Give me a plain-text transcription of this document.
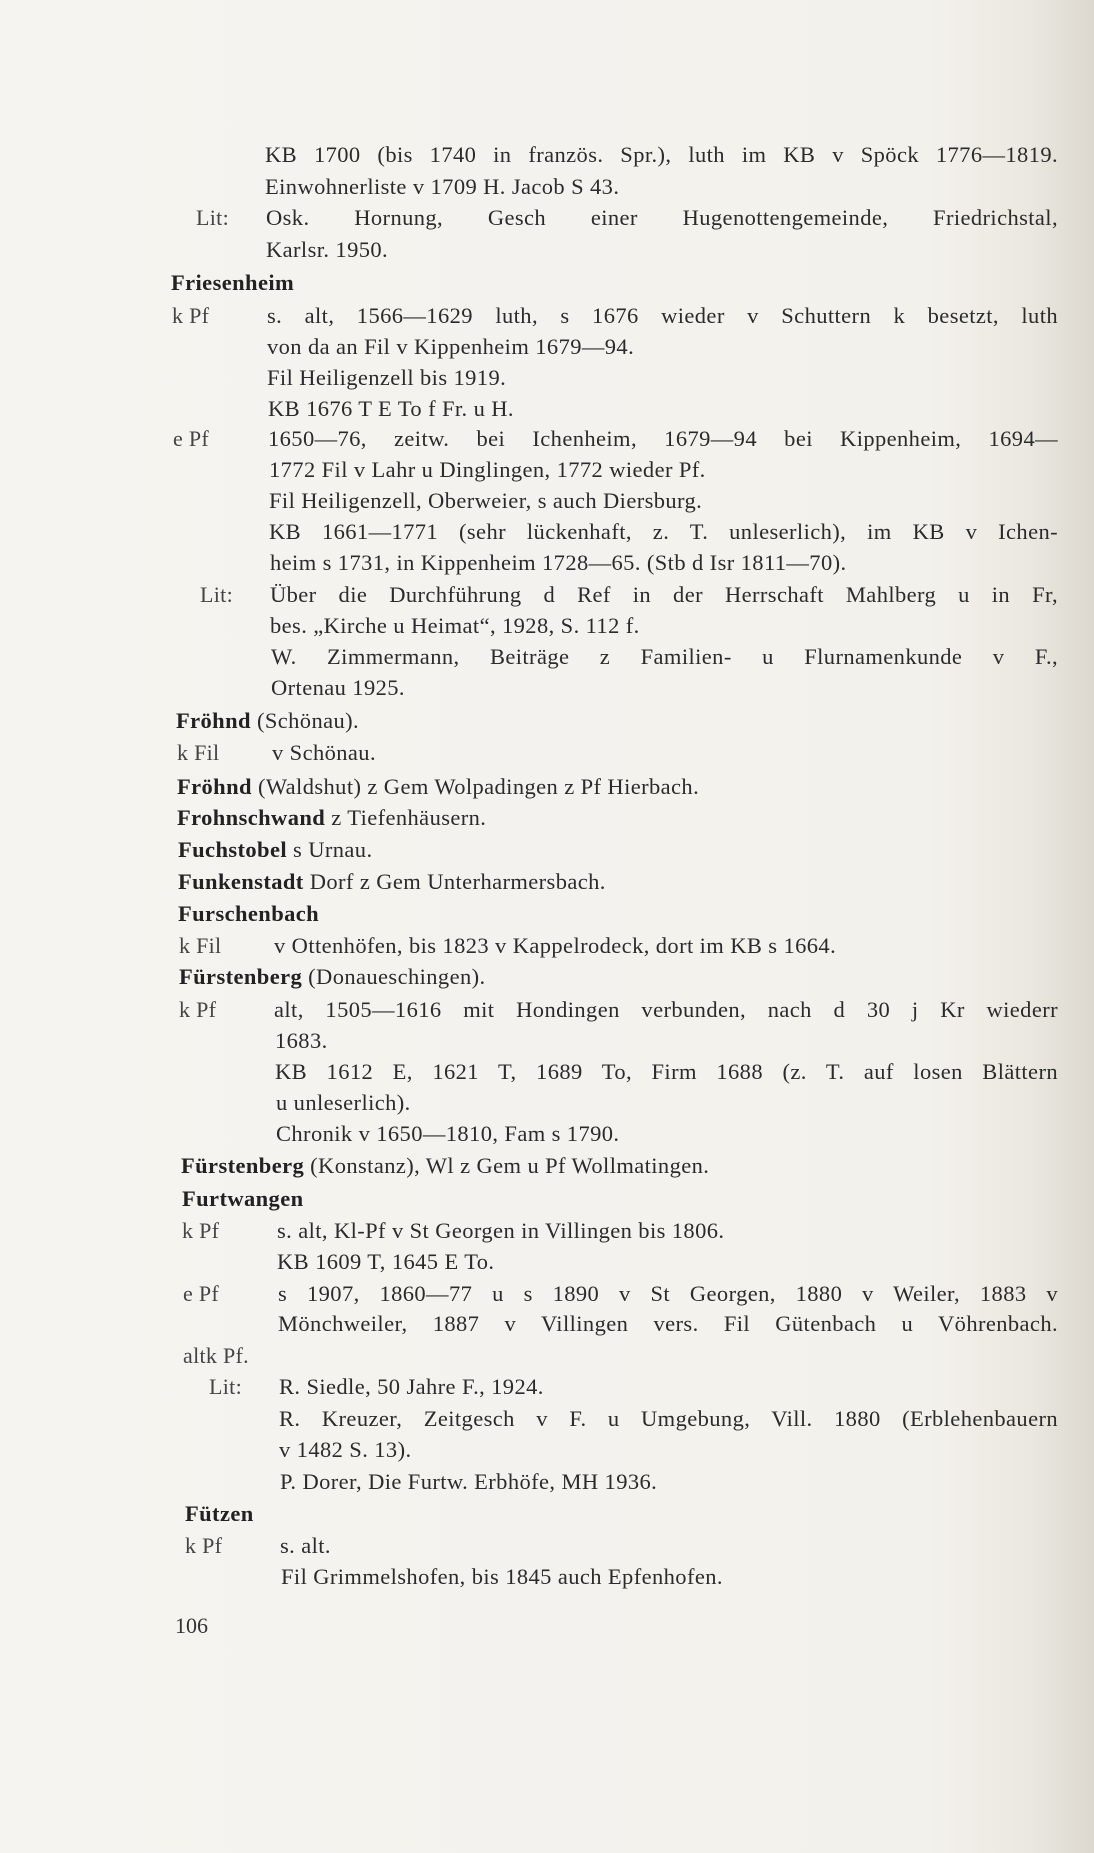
KB 1700 (bis 1740 in französ. Spr.), luth im KB v Spöck 1776—1819.
Einwohnerliste v 1709 H. Jacob S 43.
Lit: Osk. Hornung, Gesch einer Hugenottengemeinde, Friedrichstal,
Karlsr. 1950.
Friesenheim
k Pf	s. alt, 1566—1629 luth, s 1676 wieder v Schuttern k besetzt, luth
von da an Fil v Kippenheim 1679—94.
Fil Heiligenzell bis 1919.
KB 1676 T E To f Fr. u H.
e Pf	1650—76, zeitw. bei Ichenheim, 1679—94 bei Kippenheim, 1694—
1772 Fil v Lahr u Dinglingen, 1772 wieder Pf.
Fil Heiligenzell, Oberweier, s auch Diersburg.
KB 1661—1771 (sehr lückenhaft, z. T. unleserlich), im KB v Ichen-
heim s 1731, in Kippenheim 1728—65. (Stb d Isr 1811—70).
Lit: Über die Durchführung d Ref in der Herrschaft Mahlberg u in Fr,
bes. „Kirche u Heimat“, 1928, S. 112 f.
W. Zimmermann, Beiträge z Familien- u Flurnamenkunde v F.,
Ortenau 1925.
Fröhnd (Schönau).
k Fil v Schönau.
Fröhnd (Waldshut) z Gem Wolpadingen z Pf Hierbach.
Frohnschwand z Tiefenhäusern.
Fuchstobel s Urnau.
Funkenstadt Dorf z Gem Unterharmersbach.
Furschenbach
k Fil v Ottenhöfen, bis 1823 v Kappelrodeck, dort im KB s 1664.
Fürstenberg (Donaueschingen).
k Pf	alt, 1505—1616 mit Hondingen verbunden, nach d 30 j Kr wiederr
1683.
KB 1612 E, 1621 T, 1689 To, Firm 1688 (z. T. auf losen Blättern
u unleserlich).
Chronik v 1650—1810, Fam s 1790.
Fürstenberg (Konstanz), Wl z Gem u Pf Wollmatingen.
Furtwangen
k Pf	s. alt, Kl-Pf v St Georgen in Villingen bis 1806.
KB 1609 T, 1645 E To.
e Pf	s 1907, 1860—77 u s 1890 v St Georgen, 1880 v Weiler, 1883 v
Mönchweiler, 1887 v Villingen vers. Fil Gütenbach u Vöhrenbach.
altk Pf.
Lit: R. Siedle, 50 Jahre F., 1924.
R. Kreuzer, Zeitgesch v F. u Umgebung, Vill. 1880 (Erblehenbauern
v 1482 S. 13).
P. Dorer, Die Furtw. Erbhöfe, MH 1936.
Fützen
k Pf	s. alt.
Fil Grimmelshofen, bis 1845 auch Epfenhofen.
106
